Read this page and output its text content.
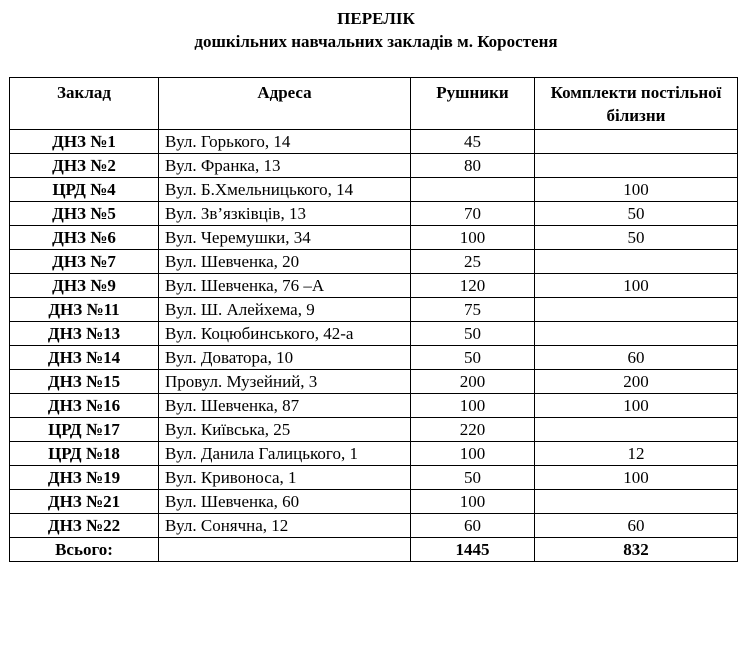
ПЕРЕЛІК
дошкільних навчальних закладів м. Коростеня
Заклад	Адреса	Рушники	Комплекти постільної білизни
ДНЗ №1	Вул. Горького, 14	45	
ДНЗ №2	Вул. Франка, 13	80	
ЦРД №4	Вул. Б.Хмельницького, 14		100
ДНЗ №5	Вул. Зв’язківців, 13	70	50
ДНЗ №6	Вул. Черемушки, 34	100	50
ДНЗ №7	Вул. Шевченка, 20	25	
ДНЗ №9	Вул. Шевченка, 76 –А	120	100
ДНЗ №11	Вул. Ш. Алейхема, 9	75	
ДНЗ №13	Вул. Коцюбинського, 42-а	50	
ДНЗ №14	Вул. Доватора, 10	50	60
ДНЗ №15	Провул. Музейний, 3	200	200
ДНЗ №16	Вул. Шевченка, 87	100	100
ЦРД №17	Вул. Київська, 25	220	
ЦРД №18	Вул. Данила Галицького, 1	100	12
ДНЗ №19	Вул. Кривоноса, 1	50	100
ДНЗ №21	Вул. Шевченка, 60	100	
ДНЗ №22	Вул. Сонячна, 12	60	60
Всього:		1445	832
